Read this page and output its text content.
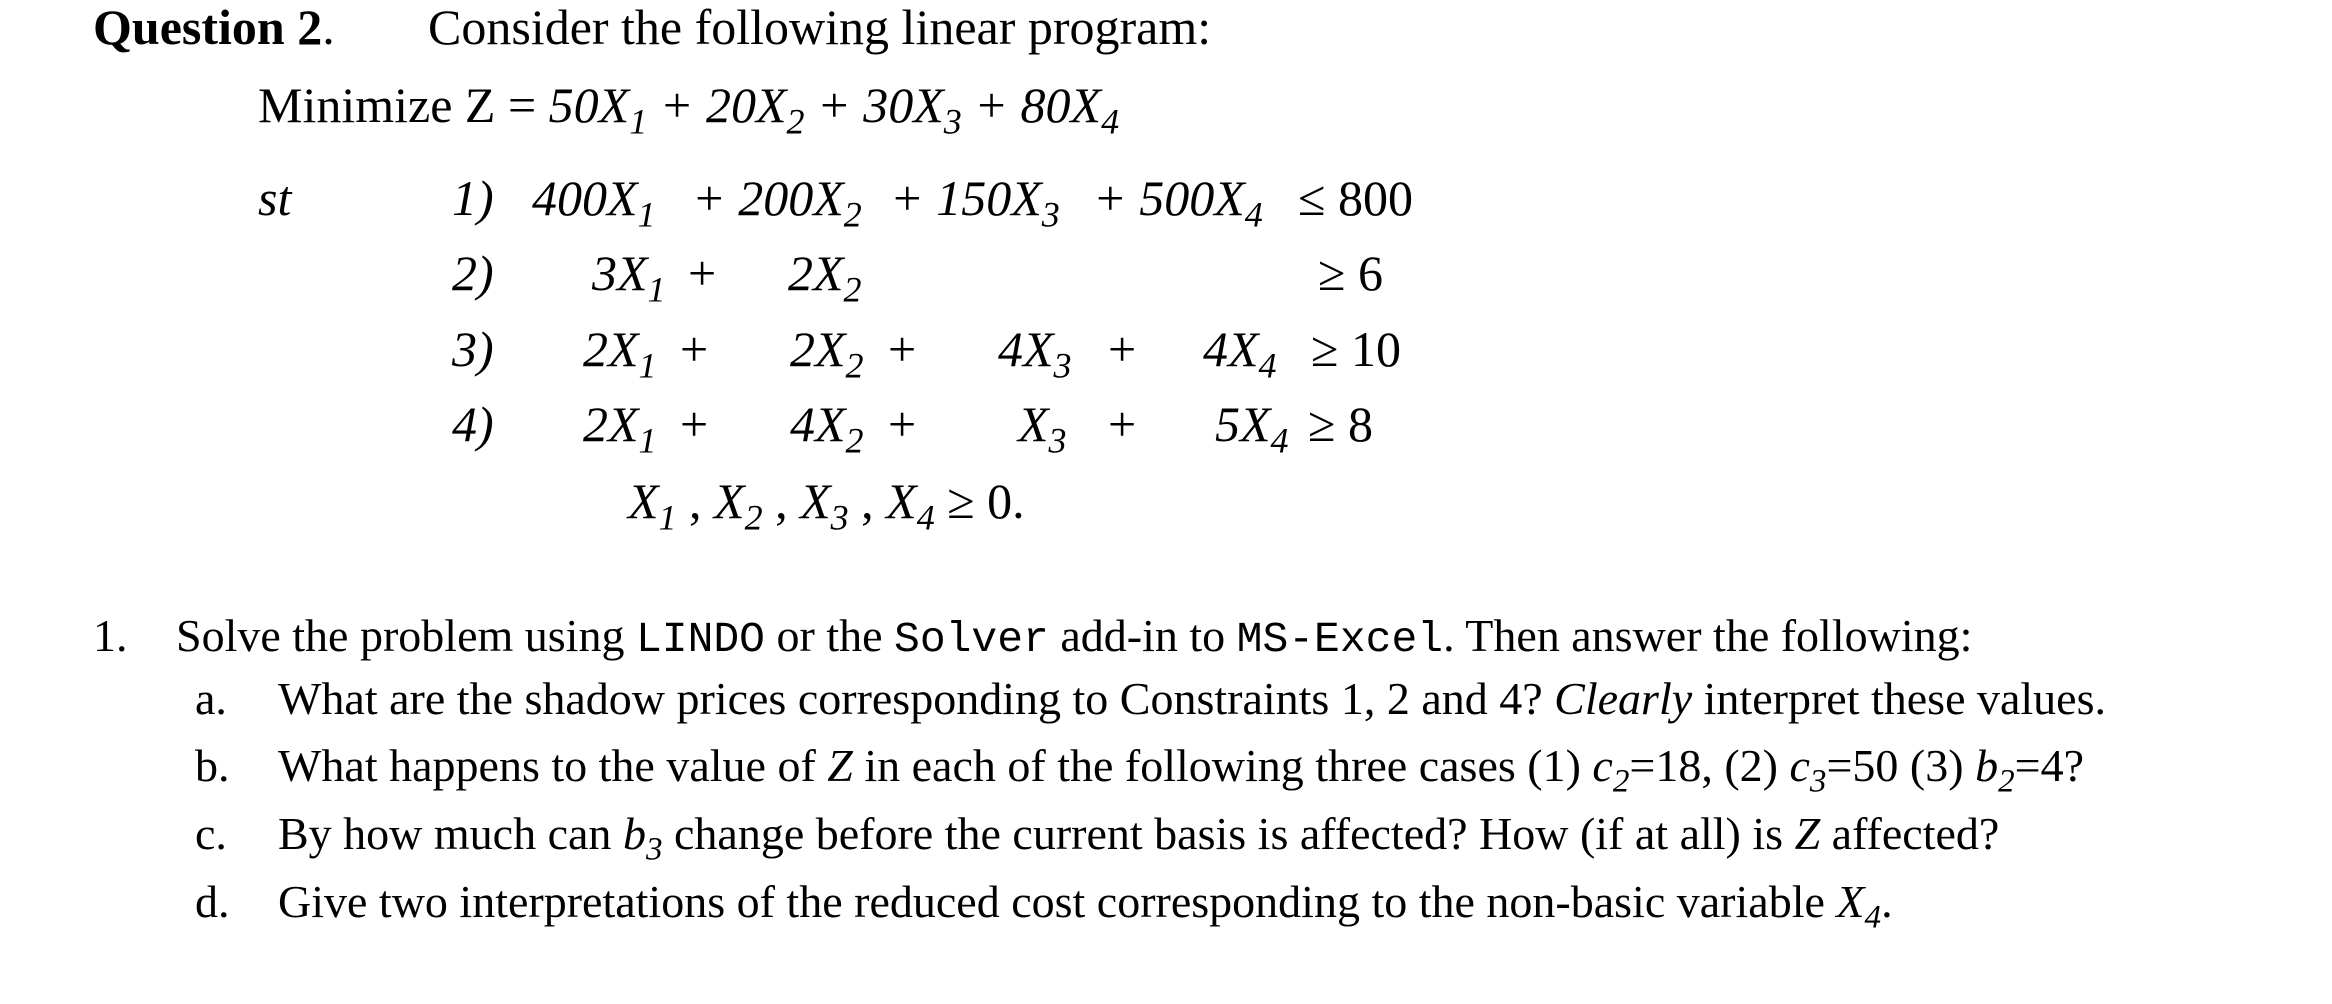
Question 2. Consider the following linear program:
Minimize $Z = 50X_1 + 20X_2 + 30X_3 + 80X_4$
st	1) $400X_1 + 200X_2 + 150X_3 + 500X_4 \le 800$
2) $3X_1 + 2X_2$	≥ 6
3) $2X_1 + 2X_2 + 4X_3 + 4X_4 \ge 10$
4) $2X_1 + 4X_2 + X_3 + 5X_4 \ge 8$
$X_1$ , $X_2$ , $X_3$ , $X_4 \ge 0$.
1. Solve the problem using LINDO or the Solver add-in to MS-Excel. Then answer the following:
a. What are the shadow prices corresponding to Constraints 1, 2 and 4? Clearly interpret these values.
b. What happens to the value of Z in each of the following three cases (1) $c_2=18$, (2) $c_3=50$ (3) $b_2=4$?
c. By how much can $b_3$ change before the current basis is affected? How (if at all) is Z affected?
d. Give two interpretations of the reduced cost corresponding to the non-basic variable $X_4$.
